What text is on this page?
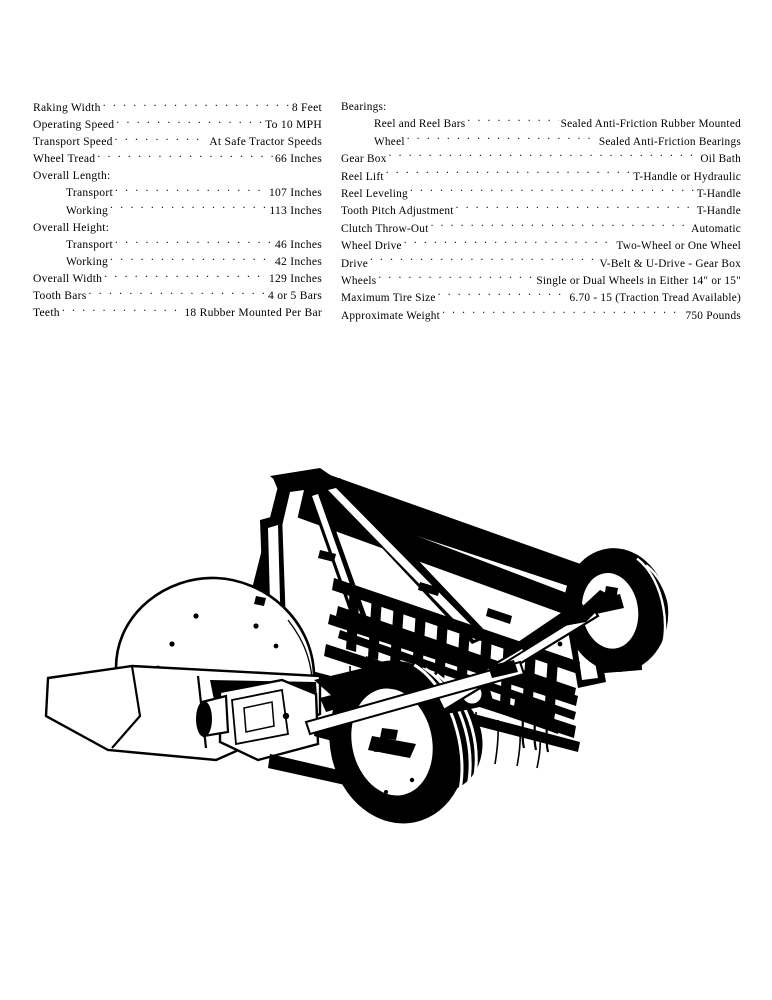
Raking Width . . .	8 Feet
Operating Speed . . .	To 10 MPH
Transport Speed . . .	At Safe Tractor Speeds
Wheel Tread . . .	66 Inches
Overall Length:
Transport . . .	107 Inches
Working . . .	113 Inches
Overall Height:
Transport . . .	46 Inches
Working . . .	42 Inches
Overall Width . . .	129 Inches
Tooth Bars . . .	4 or 5 Bars
Teeth . . .	18 Rubber Mounted Per Bar
Bearings:
Reel and Reel Bars . . .	Sealed Anti-Friction Rubber Mounted
Wheel . . .	Sealed Anti-Friction Bearings
Gear Box . . .	Oil Bath
Reel Lift . . .	T-Handle or Hydraulic
Reel Leveling . . .	T-Handle
Tooth Pitch Adjustment . . .	T-Handle
Clutch Throw-Out . . .	Automatic
Wheel Drive . . .	Two-Wheel or One Wheel
Drive . . .	V-Belt & U-Drive - Gear Box
Wheels . . .	Single or Dual Wheels in Either 14" or 15"
Maximum Tire Size . . .	6.70 - 15 (Traction Tread Available)
Approximate Weight . . .	750 Pounds
